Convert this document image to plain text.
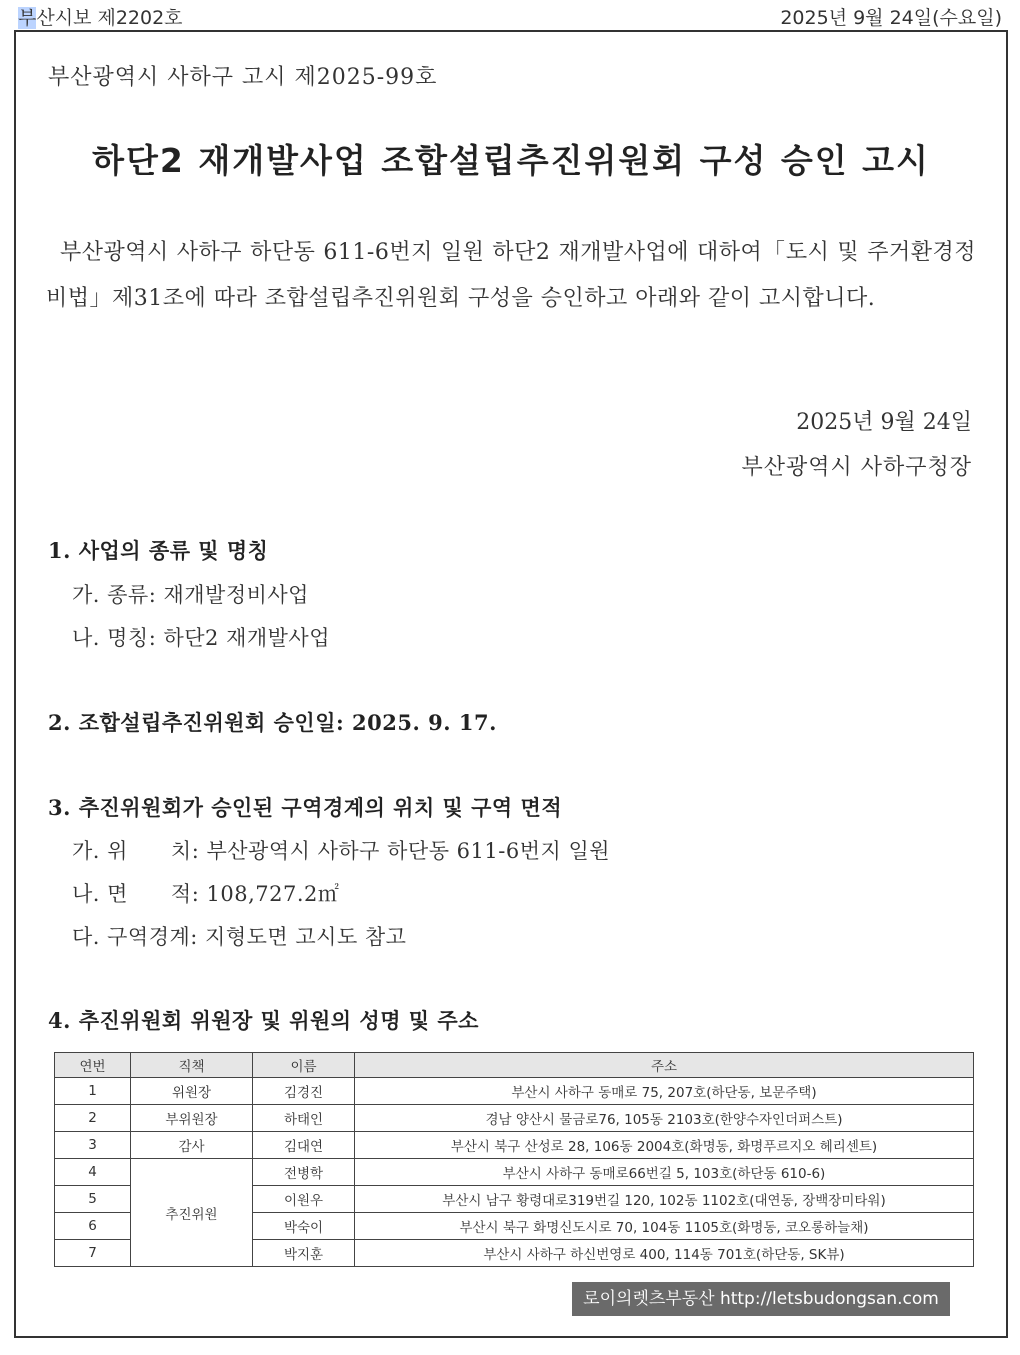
부산시보 제2202호	2025년 9월 24일(수요일)
부산광역시 사하구 고시 제2025-99호
하단2 재개발사업 조합설립추진위원회 구성 승인 고시
부산광역시 사하구 하단동 611-6번지 일원 하단2 재개발사업에 대하여「도시 및 주거환경정비법」제31조에 따라 조합설립추진위원회 구성을 승인하고 아래와 같이 고시합니다.
2025년 9월 24일
부산광역시 사하구청장
1. 사업의 종류 및 명칭
가. 종류: 재개발정비사업
나. 명칭: 하단2 재개발사업
2. 조합설립추진위원회 승인일: 2025. 9. 17.
3. 추진위원회가 승인된 구역경계의 위치 및 구역 면적
가. 위　　치: 부산광역시 사하구 하단동 611-6번지 일원
나. 면　　적: 108,727.2㎡
다. 구역경계: 지형도면 고시도 참고
4. 추진위원회 위원장 및 위원의 성명 및 주소
연번	직책	이름	주소
1	위원장	김경진	부산시 사하구 동매로 75, 207호(하단동, 보문주택)
2	부위원장	하태인	경남 양산시 물금로76, 105동 2103호(한양수자인더퍼스트)
3	감사	김대연	부산시 북구 산성로 28, 106동 2004호(화명동, 화명푸르지오 헤리센트)
4	추진위원	전병학	부산시 사하구 동매로66번길 5, 103호(하단동 610-6)
5		이원우	부산시 남구 황령대로319번길 120, 102동 1102호(대연동, 장백장미타워)
6		박숙이	부산시 북구 화명신도시로 70, 104동 1105호(화명동, 코오롱하늘채)
7		박지훈	부산시 사하구 하신번영로 400, 114동 701호(하단동, SK뷰)
로이의렛츠부동산 http://letsbudongsan.com
